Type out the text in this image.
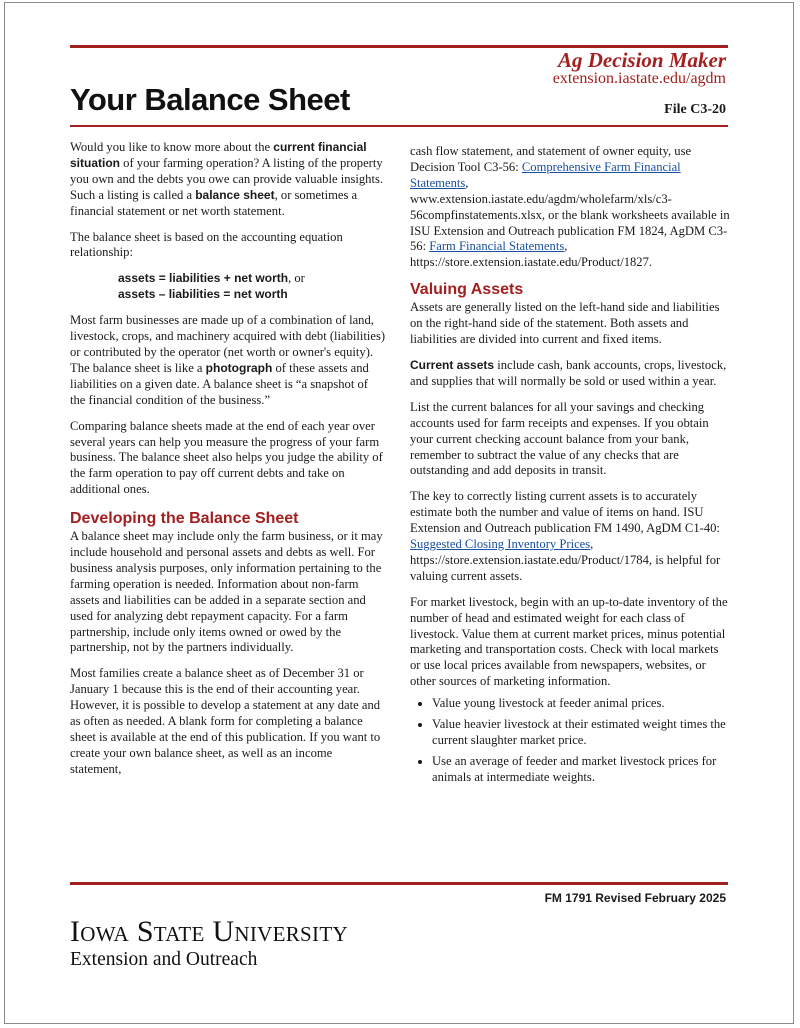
Ag Decision Maker
extension.iastate.edu/agdm
Your Balance Sheet	File C3-20

Would you like to know more about the current financial situation of your farming operation? A listing of the property you own and the debts you owe can provide valuable insights. Such a listing is called a balance sheet, or sometimes a financial statement or net worth statement.

The balance sheet is based on the accounting equation relationship:

assets = liabilities + net worth, or
assets – liabilities = net worth

Most farm businesses are made up of a combination of land, livestock, crops, and machinery acquired with debt (liabilities) or contributed by the operator (net worth or owner's equity). The balance sheet is like a photograph of these assets and liabilities on a given date. A balance sheet is “a snapshot of the financial condition of the business.”

Comparing balance sheets made at the end of each year over several years can help you measure the progress of your farm business. The balance sheet also helps you judge the ability of the farm operation to pay off current debts and take on additional ones.

Developing the Balance Sheet

A balance sheet may include only the farm business, or it may include household and personal assets and debts as well. For business analysis purposes, only information pertaining to the farming operation is needed. Information about non-farm assets and liabilities can be added in a separate section and used for analyzing debt repayment capacity. For a farm partnership, include only items owned or owed by the partnership, not by the partners individually.

Most families create a balance sheet as of December 31 or January 1 because this is the end of their accounting year. However, it is possible to develop a statement at any date and as often as needed. A blank form for completing a balance sheet is available at the end of this publication. If you want to create your own balance sheet, as well as an income statement,

cash flow statement, and statement of owner equity, use Decision Tool C3-56: Comprehensive Farm Financial Statements, www.extension.iastate.edu/agdm/wholefarm/xls/c3-56compfinstatements.xlsx, or the blank worksheets available in ISU Extension and Outreach publication FM 1824, AgDM C3-56: Farm Financial Statements, https://store.extension.iastate.edu/Product/1827.

Valuing Assets

Assets are generally listed on the left-hand side and liabilities on the right-hand side of the statement. Both assets and liabilities are divided into current and fixed items.

Current assets include cash, bank accounts, crops, livestock, and supplies that will normally be sold or used within a year.

List the current balances for all your savings and checking accounts used for farm receipts and expenses. If you obtain your current checking account balance from your bank, remember to subtract the value of any checks that are outstanding and add deposits in transit.

The key to correctly listing current assets is to accurately estimate both the number and value of items on hand. ISU Extension and Outreach publication FM 1490, AgDM C1-40: Suggested Closing Inventory Prices, https://store.extension.iastate.edu/Product/1784, is helpful for valuing current assets.

For market livestock, begin with an up-to-date inventory of the number of head and estimated weight for each class of livestock. Value them at current market prices, minus potential marketing and transportation costs. Check with local markets or use local prices available from newspapers, websites, or other sources of marketing information.

• Value young livestock at feeder animal prices.
• Value heavier livestock at their estimated weight times the current slaughter market price.
• Use an average of feeder and market livestock prices for animals at intermediate weights.
FM 1791 Revised February 2025
Iowa State University
Extension and Outreach
